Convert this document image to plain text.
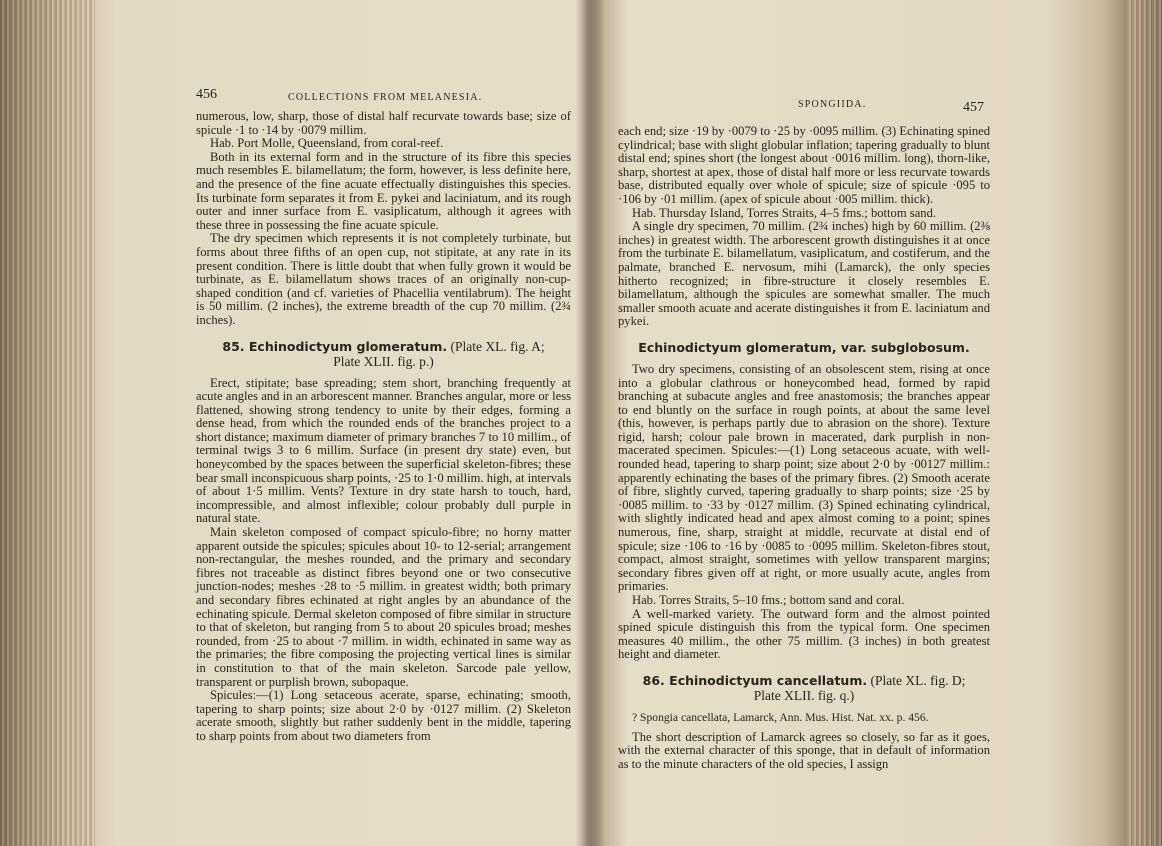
456	COLLECTIONS FROM MELANESIA.

numerous, low, sharp, those of distal half recurvate towards base; size of spicule ·1 to ·14 by ·0079 millim.

Hab. Port Molle, Queensland, from coral-reef.

Both in its external form and in the structure of its fibre this species much resembles E. bilamellatum; the form, however, is less definite here, and the presence of the fine acuate effectually distinguishes this species. Its turbinate form separates it from E. pykei and laciniatum, and its rough outer and inner surface from E. vasiplicatum, although it agrees with these three in possessing the fine acuate spicule.

The dry specimen which represents it is not completely turbinate, but forms about three fifths of an open cup, not stipitate, at any rate in its present condition. There is little doubt that when fully grown it would be turbinate, as E. bilamellatum shows traces of an originally non-cup-shaped condition (and cf. varieties of Phacellia ventilabrum). The height is 50 millim. (2 inches), the extreme breadth of the cup 70 millim. (2¾ inches).

85. Echinodictyum glomeratum. (Plate XL. fig. A;
Plate XLII. fig. p.)

Erect, stipitate; base spreading; stem short, branching frequently at acute angles and in an arborescent manner. Branches angular, more or less flattened, showing strong tendency to unite by their edges, forming a dense head, from which the rounded ends of the branches project to a short distance; maximum diameter of primary branches 7 to 10 millim., of terminal twigs 3 to 6 millim. Surface (in present dry state) even, but honeycombed by the spaces between the superficial skeleton-fibres; these bear small inconspicuous sharp points, ·25 to 1·0 millim. high, at intervals of about 1·5 millim. Vents? Texture in dry state harsh to touch, hard, incompressible, and almost inflexible; colour probably dull purple in natural state.

Main skeleton composed of compact spiculo-fibre; no horny matter apparent outside the spicules; spicules about 10- to 12-serial; arrangement non-rectangular, the meshes rounded, and the primary and secondary fibres not traceable as distinct fibres beyond one or two consecutive junction-nodes; meshes ·28 to ·5 millim. in greatest width; both primary and secondary fibres echinated at right angles by an abundance of the echinating spicule. Dermal skeleton composed of fibre similar in structure to that of skeleton, but ranging from 5 to about 20 spicules broad; meshes rounded, from ·25 to about ·7 millim. in width, echinated in same way as the primaries; the fibre composing the projecting vertical lines is similar in constitution to that of the main skeleton. Sarcode pale yellow, transparent or purplish brown, subopaque.

Spicules:—(1) Long setaceous acerate, sparse, echinating; smooth, tapering to sharp points; size about 2·0 by ·0127 millim. (2) Skeleton acerate smooth, slightly but rather suddenly bent in the middle, tapering to sharp points from about two diameters from

SPONGIIDA.	457

each end; size ·19 by ·0079 to ·25 by ·0095 millim. (3) Echinating spined cylindrical; base with slight globular inflation; tapering gradually to blunt distal end; spines short (the longest about ·0016 millim. long), thorn-like, sharp, shortest at apex, those of distal half more or less recurvate towards base, distributed equally over whole of spicule; size of spicule ·095 to ·106 by ·01 millim. (apex of spicule about ·005 millim. thick).

Hab. Thursday Island, Torres Straits, 4–5 fms.; bottom sand.

A single dry specimen, 70 millim. (2¾ inches) high by 60 millim. (2⅜ inches) in greatest width. The arborescent growth distinguishes it at once from the turbinate E. bilamellatum, vasiplicatum, and costiferum, and the palmate, branched E. nervosum, mihi (Lamarck), the only species hitherto recognized; in fibre-structure it closely resembles E. bilamellatum, although the spicules are somewhat smaller. The much smaller smooth acuate and acerate distinguishes it from E. laciniatum and pykei.

Echinodictyum glomeratum, var. subglobosum.

Two dry specimens, consisting of an obsolescent stem, rising at once into a globular clathrous or honeycombed head, formed by rapid branching at subacute angles and free anastomosis; the branches appear to end bluntly on the surface in rough points, at about the same level (this, however, is perhaps partly due to abrasion on the shore). Texture rigid, harsh; colour pale brown in macerated, dark purplish in non-macerated specimen. Spicules:—(1) Long setaceous acuate, with well-rounded head, tapering to sharp point; size about 2·0 by ·00127 millim.: apparently echinating the bases of the primary fibres. (2) Smooth acerate of fibre, slightly curved, tapering gradually to sharp points; size ·25 by ·0085 millim. to ·33 by ·0127 millim. (3) Spined echinating cylindrical, with slightly indicated head and apex almost coming to a point; spines numerous, fine, sharp, straight at middle, recurvate at distal end of spicule; size ·106 to ·16 by ·0085 to ·0095 millim. Skeleton-fibres stout, compact, almost straight, sometimes with yellow transparent margins; secondary fibres given off at right, or more usually acute, angles from primaries.

Hab. Torres Straits, 5–10 fms.; bottom sand and coral.

A well-marked variety. The outward form and the almost pointed spined spicule distinguish this from the typical form. One specimen measures 40 millim., the other 75 millim. (3 inches) in both greatest height and diameter.

86. Echinodictyum cancellatum. (Plate XL. fig. D;
Plate XLII. fig. q.)

? Spongia cancellata, Lamarck, Ann. Mus. Hist. Nat. xx. p. 456.

The short description of Lamarck agrees so closely, so far as it goes, with the external character of this sponge, that in default of information as to the minute characters of the old species, I assign
